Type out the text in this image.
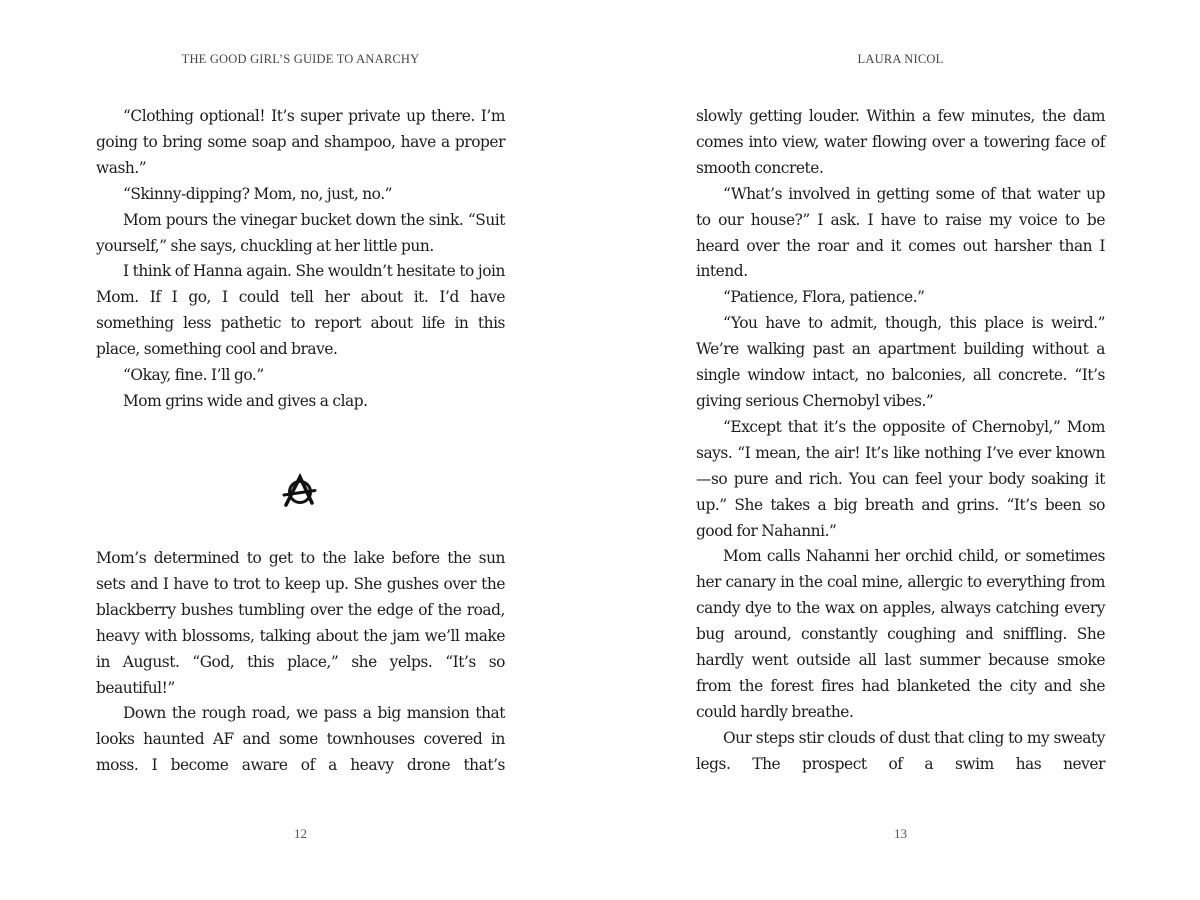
THE GOOD GIRL’S GUIDE TO ANARCHY

“Clothing optional! It’s super private up there. I’m going to bring some soap and shampoo, have a proper wash.”

“Skinny-dipping? Mom, no, just, no.”

Mom pours the vinegar bucket down the sink. “Suit yourself,” she says, chuckling at her little pun.

I think of Hanna again. She wouldn’t hesitate to join Mom. If I go, I could tell her about it. I’d have something less pathetic to report about life in this place, something cool and brave.

“Okay, fine. I’ll go.”

Mom grins wide and gives a clap.

Mom’s determined to get to the lake before the sun sets and I have to trot to keep up. She gushes over the blackberry bushes tumbling over the edge of the road, heavy with blossoms, talking about the jam we’ll make in August. “God, this place,” she yelps. “It’s so beautiful!”

Down the rough road, we pass a big mansion that looks haunted AF and some townhouses covered in moss. I become aware of a heavy drone that’s

12
LAURA NICOL

slowly getting louder. Within a few minutes, the dam comes into view, water flowing over a towering face of smooth concrete.

“What’s involved in getting some of that water up to our house?” I ask. I have to raise my voice to be heard over the roar and it comes out harsher than I intend.

“Patience, Flora, patience.”

“You have to admit, though, this place is weird.” We’re walking past an apartment building without a single window intact, no balconies, all concrete. “It’s giving serious Chernobyl vibes.”

“Except that it’s the opposite of Chernobyl,” Mom says. “I mean, the air! It’s like nothing I’ve ever known—so pure and rich. You can feel your body soaking it up.” She takes a big breath and grins. “It’s been so good for Nahanni.”

Mom calls Nahanni her orchid child, or sometimes her canary in the coal mine, allergic to everything from candy dye to the wax on apples, always catching every bug around, constantly coughing and sniffling. She hardly went outside all last summer because smoke from the forest fires had blanketed the city and she could hardly breathe.

Our steps stir clouds of dust that cling to my sweaty legs. The prospect of a swim has never

13
